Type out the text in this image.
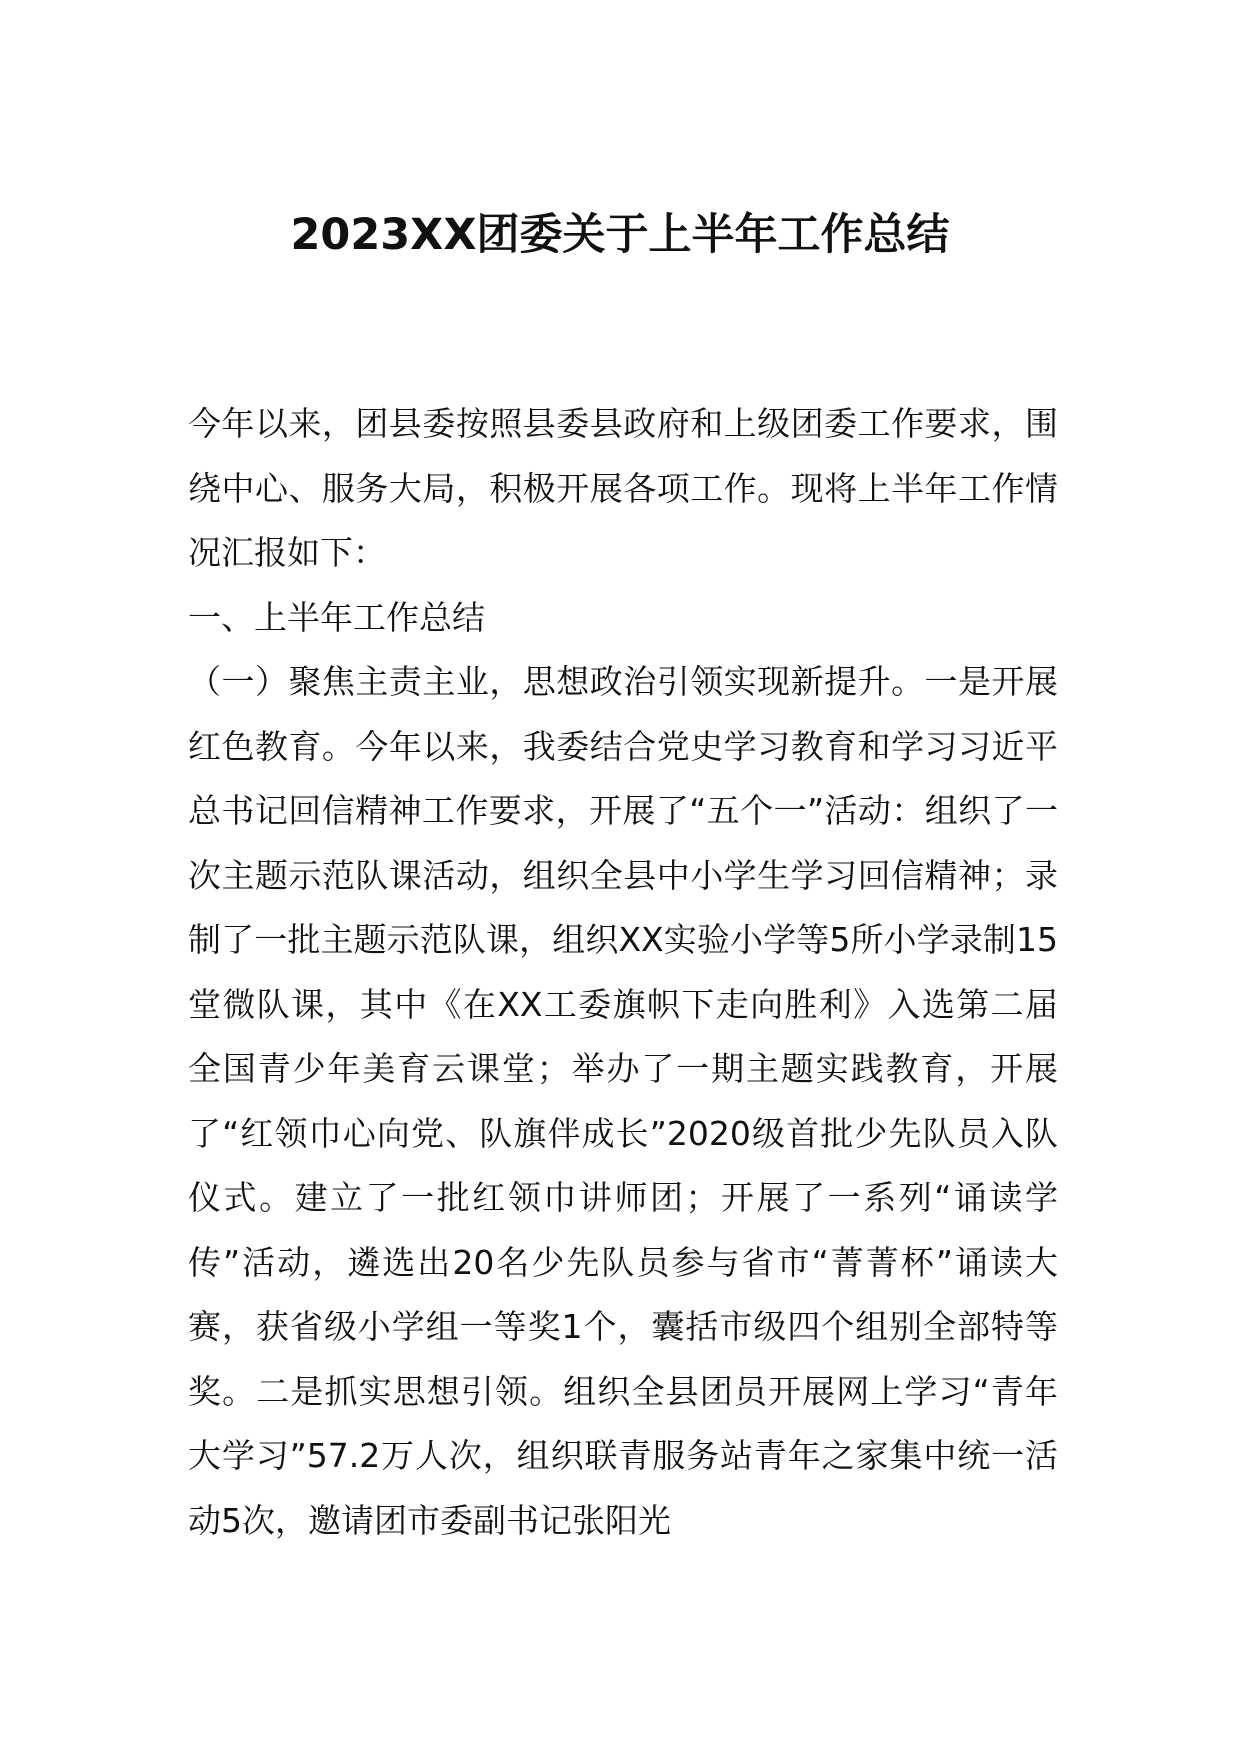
2023XX团委关于上半年工作总结

今年以来，团县委按照县委县政府和上级团委工作要求，围绕中心、服务大局，积极开展各项工作。现将上半年工作情况汇报如下：

一、上半年工作总结

（一）聚焦主责主业，思想政治引领实现新提升。一是开展红色教育。今年以来，我委结合党史学习教育和学习习近平总书记回信精神工作要求，开展了“五个一”活动：组织了一次主题示范队课活动，组织全县中小学生学习回信精神；录制了一批主题示范队课，组织XX实验小学等5所小学录制15堂微队课，其中《在XX工委旗帜下走向胜利》入选第二届全国青少年美育云课堂；举办了一期主题实践教育，开展了“红领巾心向党、队旗伴成长”2020级首批少先队员入队仪式。建立了一批红领巾讲师团；开展了一系列“诵读学传”活动，遴选出20名少先队员参与省市“菁菁杯”诵读大赛，获省级小学组一等奖1个，囊括市级四个组别全部特等奖。二是抓实思想引领。组织全县团员开展网上学习“青年大学习”57.2万人次，组织联青服务站青年之家集中统一活动5次，邀请团市委副书记张阳光
